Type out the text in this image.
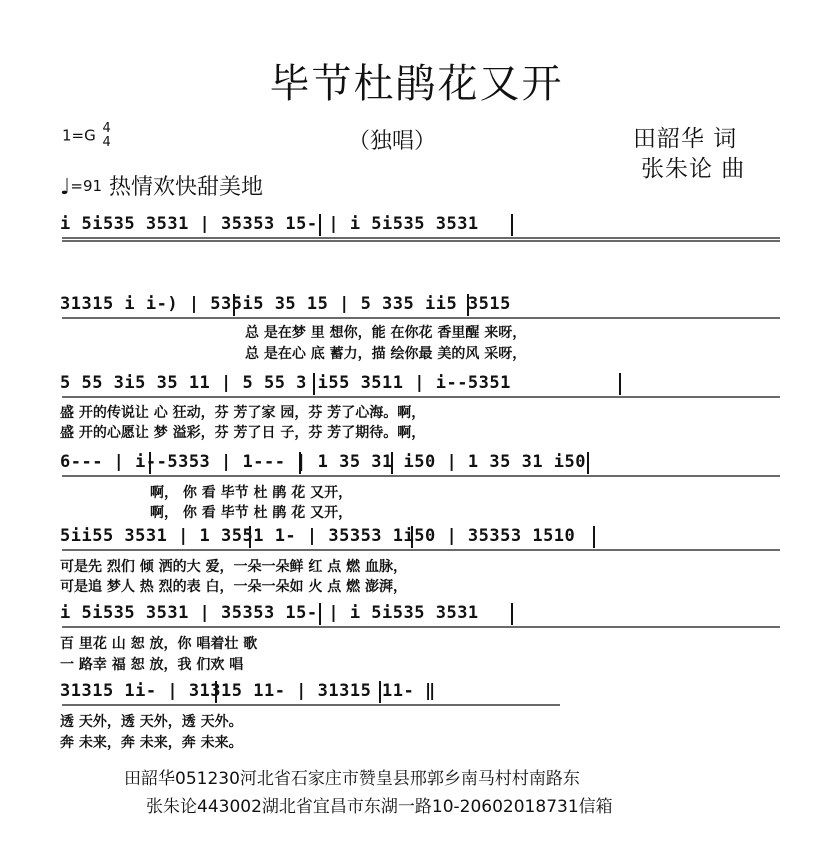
毕节杜鹃花又开
（独唱）
1=G 4
4	田韶华 词
张朱论 曲
♩=91 热情欢快甜美地
i 5i535 3531 | 35353 15- | i 5i535 3531
31315 i i-) | 535i5 35 15 | 5 335 ii5 3515
总 是在梦 里 想你，能 在你花 香里醒 来呀，
总 是在心 底 蓄力，描 绘你最 美的风 采呀，
5 55 3i5 35 11 | 5 55 3 i55 3511 | i--5351
盛 开的传说让 心 狂动，芬 芳了家 园，芬 芳了心海。啊，
盛 开的心愿让 梦 溢彩，芬 芳了日 子，芬 芳了期待。啊，
6--- | i--5353 | 1--- | 1 35 31 i50 | 1 35 31 i50
啊， 你 看 毕节 杜 鹃 花 又开，
啊， 你 看 毕节 杜 鹃 花 又开，
5ii55 3531 | 1 3551 1- | 35353 1i50 | 35353 1510
可是先 烈们 倾 洒的大 爱，一朵一朵鲜 红 点 燃 血脉，
可是追 梦人 热 烈的表 白，一朵一朵如 火 点 燃 澎湃，
i 5i535 3531 | 35353 15- | i 5i535 3531
百 里花 山 恕 放，你 唱着壮 歌
一 路幸 福 恕 放，我 们欢 唱
31315 1i- | 31315 11- | 31315 11- ‖
透 天外，透 天外，透 天外。
奔 未来，奔 未来，奔 未来。
田韶华051230河北省石家庄市赞皇县邢郭乡南马村村南路东
张朱论443002湖北省宜昌市东湖一路10-20602018731信箱
